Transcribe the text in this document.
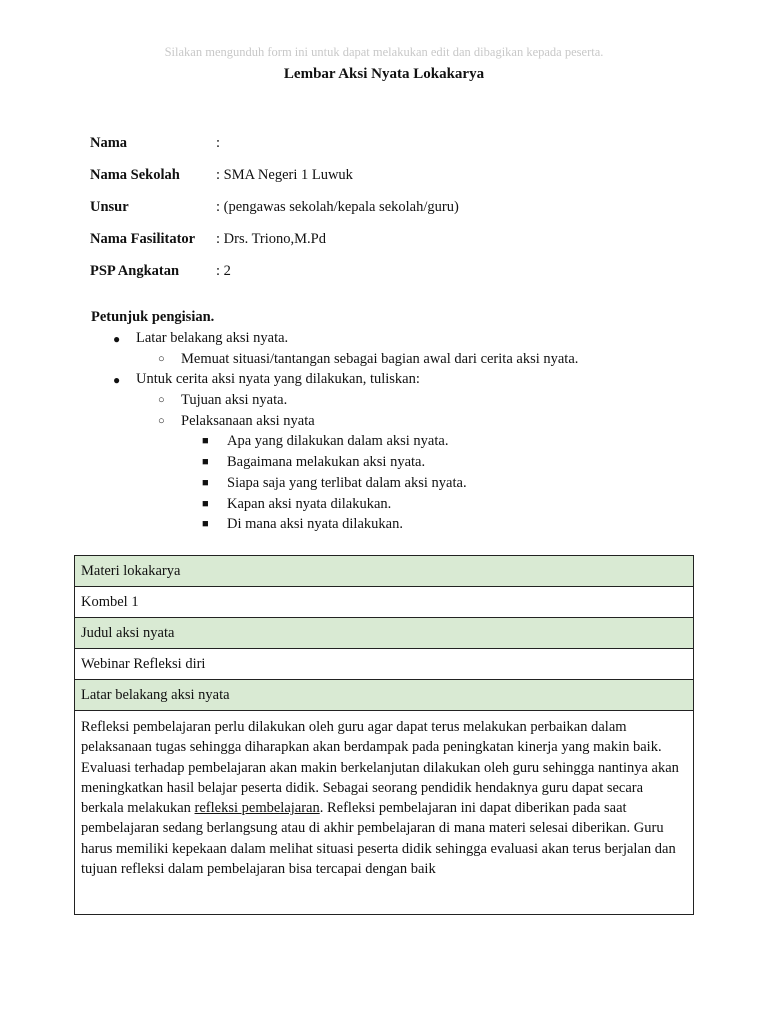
Silakan mengunduh form ini untuk dapat melakukan edit dan dibagikan kepada peserta.
Lembar Aksi Nyata Lokakarya
Nama	:
Nama Sekolah	: SMA Negeri 1 Luwuk
Unsur	: (pengawas sekolah/kepala sekolah/guru)
Nama Fasilitator	: Drs. Triono,M.Pd
PSP Angkatan	: 2
Petunjuk pengisian.
● Latar belakang aksi nyata.
○ Memuat situasi/tantangan sebagai bagian awal dari cerita aksi nyata.
● Untuk cerita aksi nyata yang dilakukan, tuliskan:
○ Tujuan aksi nyata.
○ Pelaksanaan aksi nyata
■ Apa yang dilakukan dalam aksi nyata.
■ Bagaimana melakukan aksi nyata.
■ Siapa saja yang terlibat dalam aksi nyata.
■ Kapan aksi nyata dilakukan.
■ Di mana aksi nyata dilakukan.
Materi lokakarya
Kombel 1
Judul aksi nyata
Webinar Refleksi diri
Latar belakang aksi nyata
Refleksi pembelajaran perlu dilakukan oleh guru agar dapat terus melakukan perbaikan dalam pelaksanaan tugas sehingga diharapkan akan berdampak pada peningkatan kinerja yang makin baik. Evaluasi terhadap pembelajaran akan makin berkelanjutan dilakukan oleh guru sehingga nantinya akan meningkatkan hasil belajar peserta didik. Sebagai seorang pendidik hendaknya guru dapat secara berkala melakukan refleksi pembelajaran. Refleksi pembelajaran ini dapat diberikan pada saat pembelajaran sedang berlangsung atau di akhir pembelajaran di mana materi selesai diberikan. Guru harus memiliki kepekaan dalam melihat situasi peserta didik sehingga evaluasi akan terus berjalan dan tujuan refleksi dalam pembelajaran bisa tercapai dengan baik
